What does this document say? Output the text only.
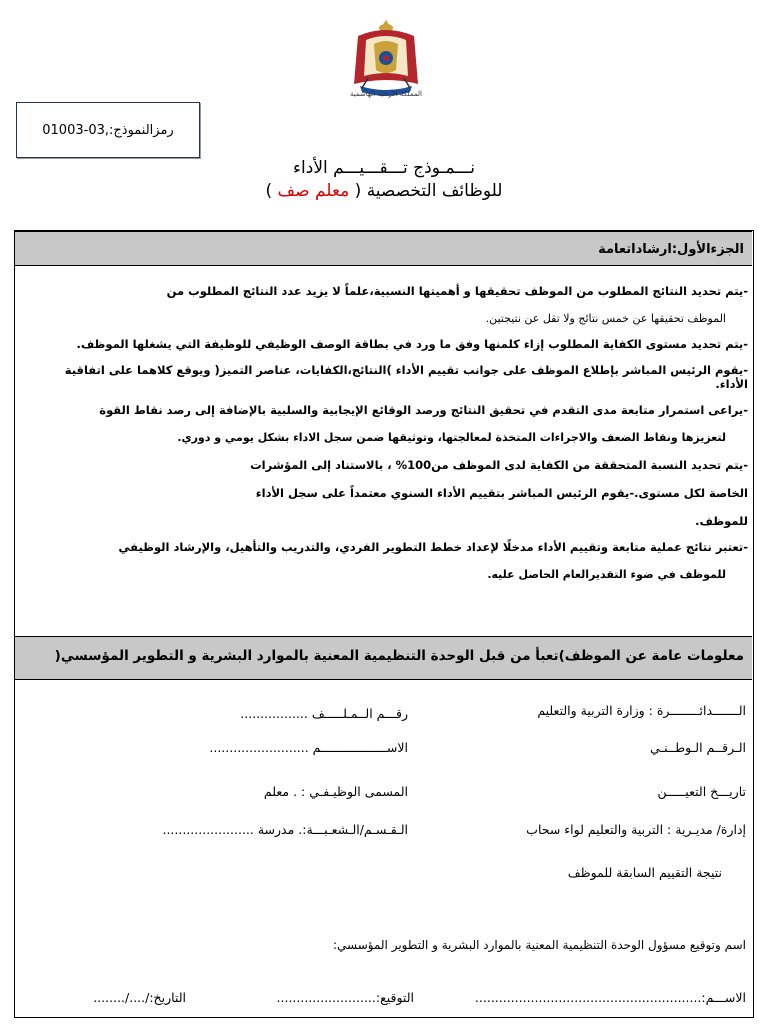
المملكة الأردنية الهاشمية
رمزالنموذج:,03-01003
نـــمـوذج تـــقـــيـــم الأداء
للوظائف التخصصية ( معلم صف )
الجزءالأول:ارشاداتعامة
-يتم تحديد النتائج المطلوب من الموظف تحقيقها و أهميتها النسبية،علماً لا يزيد عدد النتائج المطلوب من
الموظف تحقيقها عن خمس نتائج ولا تقل عن نتيجتين.
-يتم تحديد مستوى الكفاية المطلوب إزاء كلمنها وفق ما ورد في بطاقة الوصف الوظيفي للوظيفة التي يشغلها الموظف.
-يقوم الرئيس المباشر بإطلاع الموظف على جوانب تقييم الأداء )النتائج،الكفايات، عناصر التميز( ويوقع كلاهما على اتفاقية الأداء.
-يراعى استمرار متابعة مدى التقدم في تحقيق النتائج ورصد الوقائع الإيجابية والسلبية بالإضافة إلى رصد نقاط القوة
لتعزيزها ونقاط الضعف والاجراءات المتخذة لمعالجتها، وتوثيقها ضمن سجل الاداء بشكل يومي و دوري.
-يتم تحديد النسبة المتحققة من الكفاية لدى الموظف من100% ، بالاستناد إلى المؤشرات
الخاصة لكل مستوى.-يقوم الرئيس المباشر بتقييم الأداء السنوي معتمداً على سجل الأداء
للموظف.
-تعتبر نتائج عملية متابعة وتقييم الأداء مدخلًا لإعداد خطط التطوير الفردي، والتدريب والتأهيل، والإرشاد الوظيفي
للموظف في ضوء التقديرالعام الحاصل عليه.
معلومات عامة عن الموظف)تعبأ من قبل الوحدة التنظيمية المعنية بالموارد البشرية و التطوير المؤسسي(
الـــــــدائــــــــرة : وزارة التربية والتعليم
رقـــم الــمـلـــــف .................
الـرقــم الـوطــنـي
الاســــــــــــــــــم .........................
تاريـــخ التعيـــــن
المسمى الوظيـفـي : . معلم
إدارة/ مديـرية : التربية والتعليم لواء سحاب
الـقـسـم/الـشعـبـــة:. مدرسة .......................
نتيجة التقييم السابقة للموظف
اسم وتوقيع مسؤول الوحدة التنظيمية المعنية بالموارد البشرية و التطوير المؤسسي:
الاســـم:.........................................................
التوقيع:.........................
التاريخ:/..../........
